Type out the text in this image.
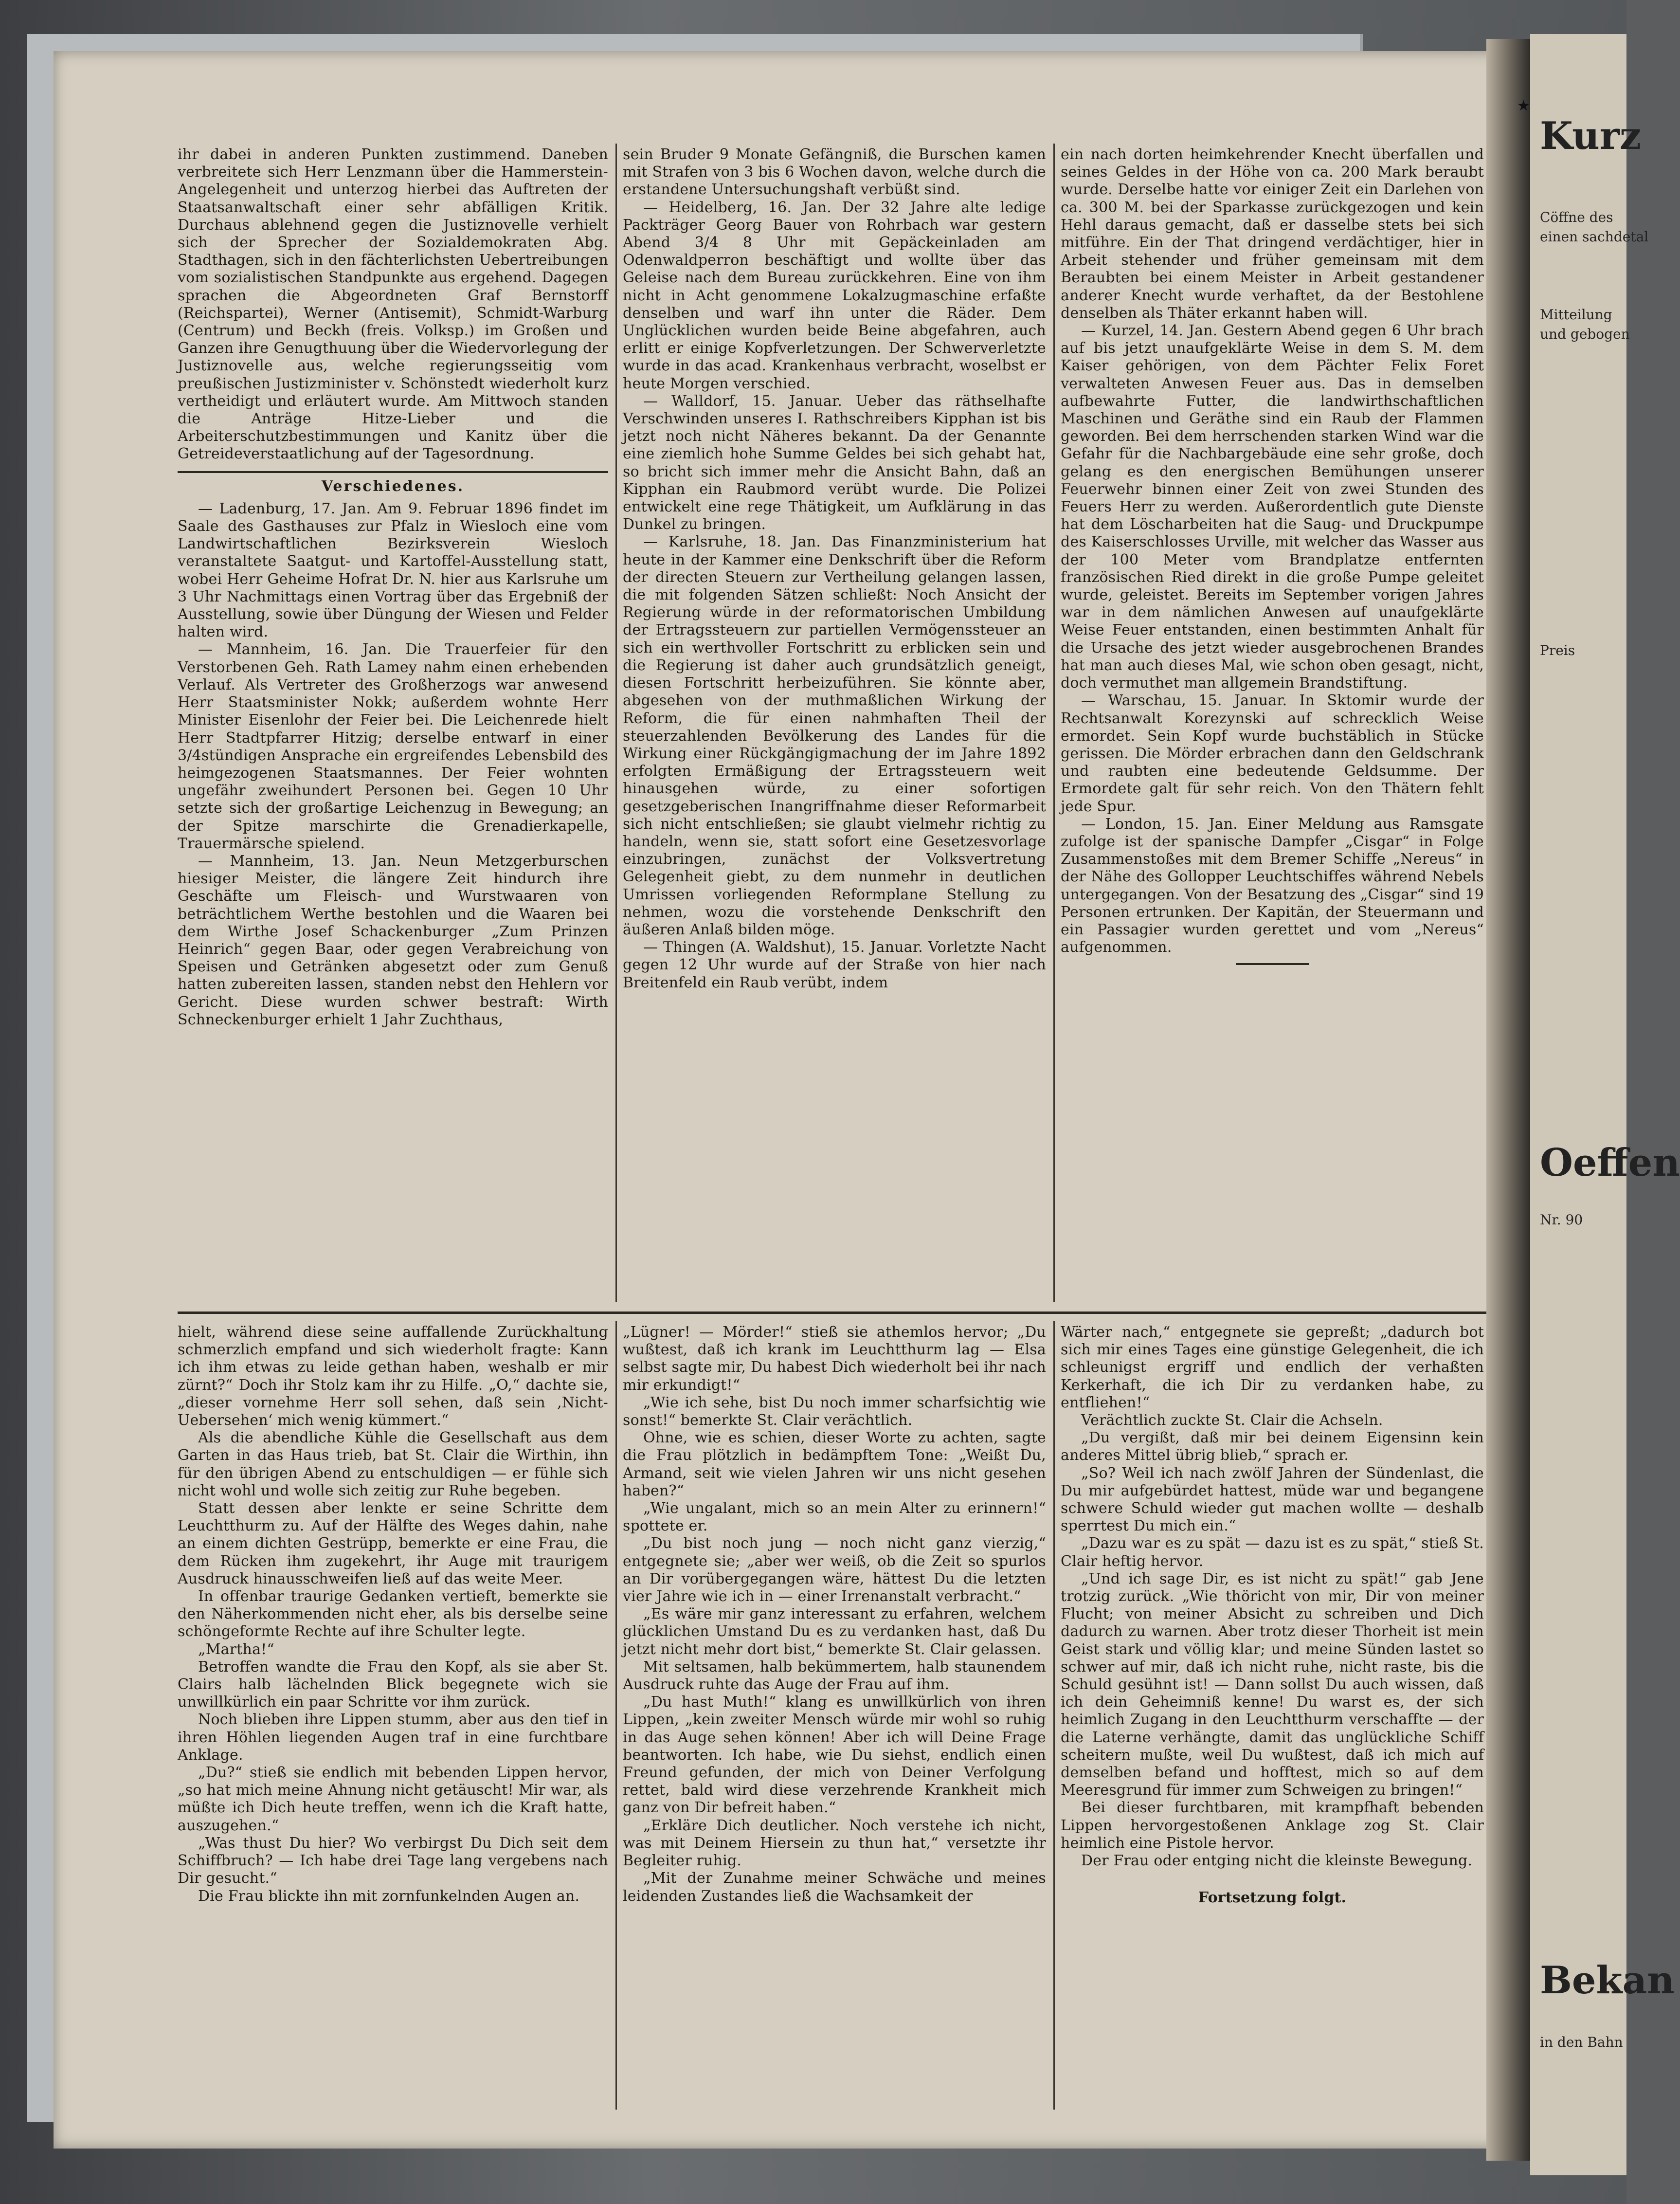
ihr dabei in anderen Punkten zustimmend. Daneben verbreitete sich Herr Lenzmann über die Hammerstein-Angelegenheit und unterzog hierbei das Auftreten der Staatsanwaltschaft einer sehr abfälligen Kritik. Durchaus ablehnend gegen die Justiznovelle verhielt sich der Sprecher der Sozialdemokraten Abg. Stadthagen, sich in den fächterlichsten Uebertreibungen vom sozialistischen Standpunkte aus ergehend. Dagegen sprachen die Abgeordneten Graf Bernstorff (Reichspartei), Werner (Antisemit), Schmidt-Warburg (Centrum) und Beckh (freis. Volksp.) im Großen und Ganzen ihre Genugthuung über die Wiedervorlegung der Justiznovelle aus, welche regierungsseitig vom preußischen Justizminister v. Schönstedt wiederholt kurz vertheidigt und erläutert wurde. Am Mittwoch standen die Anträge Hitze-Lieber und die Arbeiterschutzbestimmungen und Kanitz über die Getreideverstaatlichung auf der Tagesordnung.

Verschiedenes.

— Ladenburg, 17. Jan. Am 9. Februar 1896 findet im Saale des Gasthauses zur Pfalz in Wiesloch eine vom Landwirtschaftlichen Bezirksverein Wiesloch veranstaltete Saatgut- und Kartoffel-Ausstellung statt, wobei Herr Geheime Hofrat Dr. N. hier aus Karlsruhe um 3 Uhr Nachmittags einen Vortrag über das Ergebniß der Ausstellung, sowie über Düngung der Wiesen und Felder halten wird.

— Mannheim, 16. Jan. Die Trauerfeier für den Verstorbenen Geh. Rath Lamey nahm einen erhebenden Verlauf. Als Vertreter des Großherzogs war anwesend Herr Staatsminister Nokk; außerdem wohnte Herr Minister Eisenlohr der Feier bei. Die Leichenrede hielt Herr Stadtpfarrer Hitzig; derselbe entwarf in einer 3/4stündigen Ansprache ein ergreifendes Lebensbild des heimgezogenen Staatsmannes. Der Feier wohnten ungefähr zweihundert Personen bei. Gegen 10 Uhr setzte sich der großartige Leichenzug in Bewegung; an der Spitze marschirte die Grenadierkapelle, Trauermärsche spielend.

— Mannheim, 13. Jan. Neun Metzgerburschen hiesiger Meister, die längere Zeit hindurch ihre Geschäfte um Fleisch- und Wurstwaaren von beträchtlichem Werthe bestohlen und die Waaren bei dem Wirthe Josef Schackenburger „Zum Prinzen Heinrich“ gegen Baar, oder gegen Verabreichung von Speisen und Getränken abgesetzt oder zum Genuß hatten zubereiten lassen, standen nebst den Hehlern vor Gericht. Diese wurden schwer bestraft: Wirth Schneckenburger erhielt 1 Jahr Zuchthaus,

sein Bruder 9 Monate Gefängniß, die Burschen kamen mit Strafen von 3 bis 6 Wochen davon, welche durch die erstandene Untersuchungshaft verbüßt sind.

— Heidelberg, 16. Jan. Der 32 Jahre alte ledige Packträger Georg Bauer von Rohrbach war gestern Abend 3/4 8 Uhr mit Gepäckeinladen am Odenwaldperron beschäftigt und wollte über das Geleise nach dem Bureau zurückkehren. Eine von ihm nicht in Acht genommene Lokalzugmaschine erfaßte denselben und warf ihn unter die Räder. Dem Unglücklichen wurden beide Beine abgefahren, auch erlitt er einige Kopfverletzungen. Der Schwerverletzte wurde in das acad. Krankenhaus verbracht, woselbst er heute Morgen verschied.

— Walldorf, 15. Januar. Ueber das räthselhafte Verschwinden unseres I. Rathschreibers Kipphan ist bis jetzt noch nicht Näheres bekannt. Da der Genannte eine ziemlich hohe Summe Geldes bei sich gehabt hat, so bricht sich immer mehr die Ansicht Bahn, daß an Kipphan ein Raubmord verübt wurde. Die Polizei entwickelt eine rege Thätigkeit, um Aufklärung in das Dunkel zu bringen.

— Karlsruhe, 18. Jan. Das Finanzministerium hat heute in der Kammer eine Denkschrift über die Reform der directen Steuern zur Vertheilung gelangen lassen, die mit folgenden Sätzen schließt: Noch Ansicht der Regierung würde in der reformatorischen Umbildung der Ertragssteuern zur partiellen Vermögenssteuer an sich ein werthvoller Fortschritt zu erblicken sein und die Regierung ist daher auch grundsätzlich geneigt, diesen Fortschritt herbeizuführen. Sie könnte aber, abgesehen von der muthmaßlichen Wirkung der Reform, die für einen nahmhaften Theil der steuerzahlenden Bevölkerung des Landes für die Wirkung einer Rückgängigmachung der im Jahre 1892 erfolgten Ermäßigung der Ertragssteuern weit hinausgehen würde, zu einer sofortigen gesetzgeberischen Inangriffnahme dieser Reformarbeit sich nicht entschließen; sie glaubt vielmehr richtig zu handeln, wenn sie, statt sofort eine Gesetzesvorlage einzubringen, zunächst der Volksvertretung Gelegenheit giebt, zu dem nunmehr in deutlichen Umrissen vorliegenden Reformplane Stellung zu nehmen, wozu die vorstehende Denkschrift den äußeren Anlaß bilden möge.

— Thingen (A. Waldshut), 15. Januar. Vorletzte Nacht gegen 12 Uhr wurde auf der Straße von hier nach Breitenfeld ein Raub verübt, indem

ein nach dorten heimkehrender Knecht überfallen und seines Geldes in der Höhe von ca. 200 Mark beraubt wurde. Derselbe hatte vor einiger Zeit ein Darlehen von ca. 300 M. bei der Sparkasse zurückgezogen und kein Hehl daraus gemacht, daß er dasselbe stets bei sich mitführe. Ein der That dringend verdächtiger, hier in Arbeit stehender und früher gemeinsam mit dem Beraubten bei einem Meister in Arbeit gestandener anderer Knecht wurde verhaftet, da der Bestohlene denselben als Thäter erkannt haben will.

— Kurzel, 14. Jan. Gestern Abend gegen 6 Uhr brach auf bis jetzt unaufgeklärte Weise in dem S. M. dem Kaiser gehörigen, von dem Pächter Felix Foret verwalteten Anwesen Feuer aus. Das in demselben aufbewahrte Futter, die landwirthschaftlichen Maschinen und Geräthe sind ein Raub der Flammen geworden. Bei dem herrschenden starken Wind war die Gefahr für die Nachbargebäude eine sehr große, doch gelang es den energischen Bemühungen unserer Feuerwehr binnen einer Zeit von zwei Stunden des Feuers Herr zu werden. Außerordentlich gute Dienste hat dem Löscharbeiten hat die Saug- und Druckpumpe des Kaiserschlosses Urville, mit welcher das Wasser aus der 100 Meter vom Brandplatze entfernten französischen Ried direkt in die große Pumpe geleitet wurde, geleistet. Bereits im September vorigen Jahres war in dem nämlichen Anwesen auf unaufgeklärte Weise Feuer entstanden, einen bestimmten Anhalt für die Ursache des jetzt wieder ausgebrochenen Brandes hat man auch dieses Mal, wie schon oben gesagt, nicht, doch vermuthet man allgemein Brandstiftung.

— Warschau, 15. Januar. In Sktomir wurde der Rechtsanwalt Korezynski auf schrecklich Weise ermordet. Sein Kopf wurde buchstäblich in Stücke gerissen. Die Mörder erbrachen dann den Geldschrank und raubten eine bedeutende Geldsumme. Der Ermordete galt für sehr reich. Von den Thätern fehlt jede Spur.

— London, 15. Jan. Einer Meldung aus Ramsgate zufolge ist der spanische Dampfer „Cisgar“ in Folge Zusammenstoßes mit dem Bremer Schiffe „Nereus“ in der Nähe des Gollopper Leuchtschiffes während Nebels untergegangen. Von der Besatzung des „Cisgar“ sind 19 Personen ertrunken. Der Kapitän, der Steuermann und ein Passagier wurden gerettet und vom „Nereus“ aufgenommen.

hielt, während diese seine auffallende Zurückhaltung schmerzlich empfand und sich wiederholt fragte: Kann ich ihm etwas zu leide gethan haben, weshalb er mir zürnt?“ Doch ihr Stolz kam ihr zu Hilfe. „O,“ dachte sie, „dieser vornehme Herr soll sehen, daß sein ‚Nicht-Uebersehen‘ mich wenig kümmert.“

Als die abendliche Kühle die Gesellschaft aus dem Garten in das Haus trieb, bat St. Clair die Wirthin, ihn für den übrigen Abend zu entschuldigen — er fühle sich nicht wohl und wolle sich zeitig zur Ruhe begeben.

Statt dessen aber lenkte er seine Schritte dem Leuchtthurm zu. Auf der Hälfte des Weges dahin, nahe an einem dichten Gestrüpp, bemerkte er eine Frau, die dem Rücken ihm zugekehrt, ihr Auge mit traurigem Ausdruck hinausschweifen ließ auf das weite Meer.

In offenbar traurige Gedanken vertieft, bemerkte sie den Näherkommenden nicht eher, als bis derselbe seine schöngeformte Rechte auf ihre Schulter legte.

„Martha!“

Betroffen wandte die Frau den Kopf, als sie aber St. Clairs halb lächelnden Blick begegnete wich sie unwillkürlich ein paar Schritte vor ihm zurück.

Noch blieben ihre Lippen stumm, aber aus den tief in ihren Höhlen liegenden Augen traf in eine furchtbare Anklage.

„Du?“ stieß sie endlich mit bebenden Lippen hervor, „so hat mich meine Ahnung nicht getäuscht! Mir war, als müßte ich Dich heute treffen, wenn ich die Kraft hatte, auszugehen.“

„Was thust Du hier? Wo verbirgst Du Dich seit dem Schiffbruch? — Ich habe drei Tage lang vergebens nach Dir gesucht.“

Die Frau blickte ihn mit zornfunkelnden Augen an.

„Lügner! — Mörder!“ stieß sie athemlos hervor; „Du wußtest, daß ich krank im Leuchtthurm lag — Elsa selbst sagte mir, Du habest Dich wiederholt bei ihr nach mir erkundigt!“

„Wie ich sehe, bist Du noch immer scharfsichtig wie sonst!“ bemerkte St. Clair verächtlich.

Ohne, wie es schien, dieser Worte zu achten, sagte die Frau plötzlich in bedämpftem Tone: „Weißt Du, Armand, seit wie vielen Jahren wir uns nicht gesehen haben?“

„Wie ungalant, mich so an mein Alter zu erinnern!“ spottete er.

„Du bist noch jung — noch nicht ganz vierzig,“ entgegnete sie; „aber wer weiß, ob die Zeit so spurlos an Dir vorübergegangen wäre, hättest Du die letzten vier Jahre wie ich in — einer Irrenanstalt verbracht.“

„Es wäre mir ganz interessant zu erfahren, welchem glücklichen Umstand Du es zu verdanken hast, daß Du jetzt nicht mehr dort bist,“ bemerkte St. Clair gelassen.

Mit seltsamen, halb bekümmertem, halb staunendem Ausdruck ruhte das Auge der Frau auf ihm.

„Du hast Muth!“ klang es unwillkürlich von ihren Lippen, „kein zweiter Mensch würde mir wohl so ruhig in das Auge sehen können! Aber ich will Deine Frage beantworten. Ich habe, wie Du siehst, endlich einen Freund gefunden, der mich von Deiner Verfolgung rettet, bald wird diese verzehrende Krankheit mich ganz von Dir befreit haben.“

„Erkläre Dich deutlicher. Noch verstehe ich nicht, was mit Deinem Hiersein zu thun hat,“ versetzte ihr Begleiter ruhig.

„Mit der Zunahme meiner Schwäche und meines leidenden Zustandes ließ die Wachsamkeit der

Wärter nach,“ entgegnete sie gepreßt; „dadurch bot sich mir eines Tages eine günstige Gelegenheit, die ich schleunigst ergriff und endlich der verhaßten Kerkerhaft, die ich Dir zu verdanken habe, zu entfliehen!“

Verächtlich zuckte St. Clair die Achseln.

„Du vergißt, daß mir bei deinem Eigensinn kein anderes Mittel übrig blieb,“ sprach er.

„So? Weil ich nach zwölf Jahren der Sündenlast, die Du mir aufgebürdet hattest, müde war und begangene schwere Schuld wieder gut machen wollte — deshalb sperrtest Du mich ein.“

„Dazu war es zu spät — dazu ist es zu spät,“ stieß St. Clair heftig hervor.

„Und ich sage Dir, es ist nicht zu spät!“ gab Jene trotzig zurück. „Wie thöricht von mir, Dir von meiner Flucht; von meiner Absicht zu schreiben und Dich dadurch zu warnen. Aber trotz dieser Thorheit ist mein Geist stark und völlig klar; und meine Sünden lastet so schwer auf mir, daß ich nicht ruhe, nicht raste, bis die Schuld gesühnt ist! — Dann sollst Du auch wissen, daß ich dein Geheimniß kenne! Du warst es, der sich heimlich Zugang in den Leuchtthurm verschaffte — der die Laterne verhängte, damit das unglückliche Schiff scheitern mußte, weil Du wußtest, daß ich mich auf demselben befand und hofftest, mich so auf dem Meeresgrund für immer zum Schweigen zu bringen!“

Bei dieser furchtbaren, mit krampfhaft bebenden Lippen hervorgestoßenen Anklage zog St. Clair heimlich eine Pistole hervor.

Der Frau oder entging nicht die kleinste Bewegung.

Fortsetzung folgt.

★
Kurz
Cöffne des
einen sachdetal
Mitteilung
und gebogen
Preis
Oeffen
Nr. 90
Bekan
in den Bahn
